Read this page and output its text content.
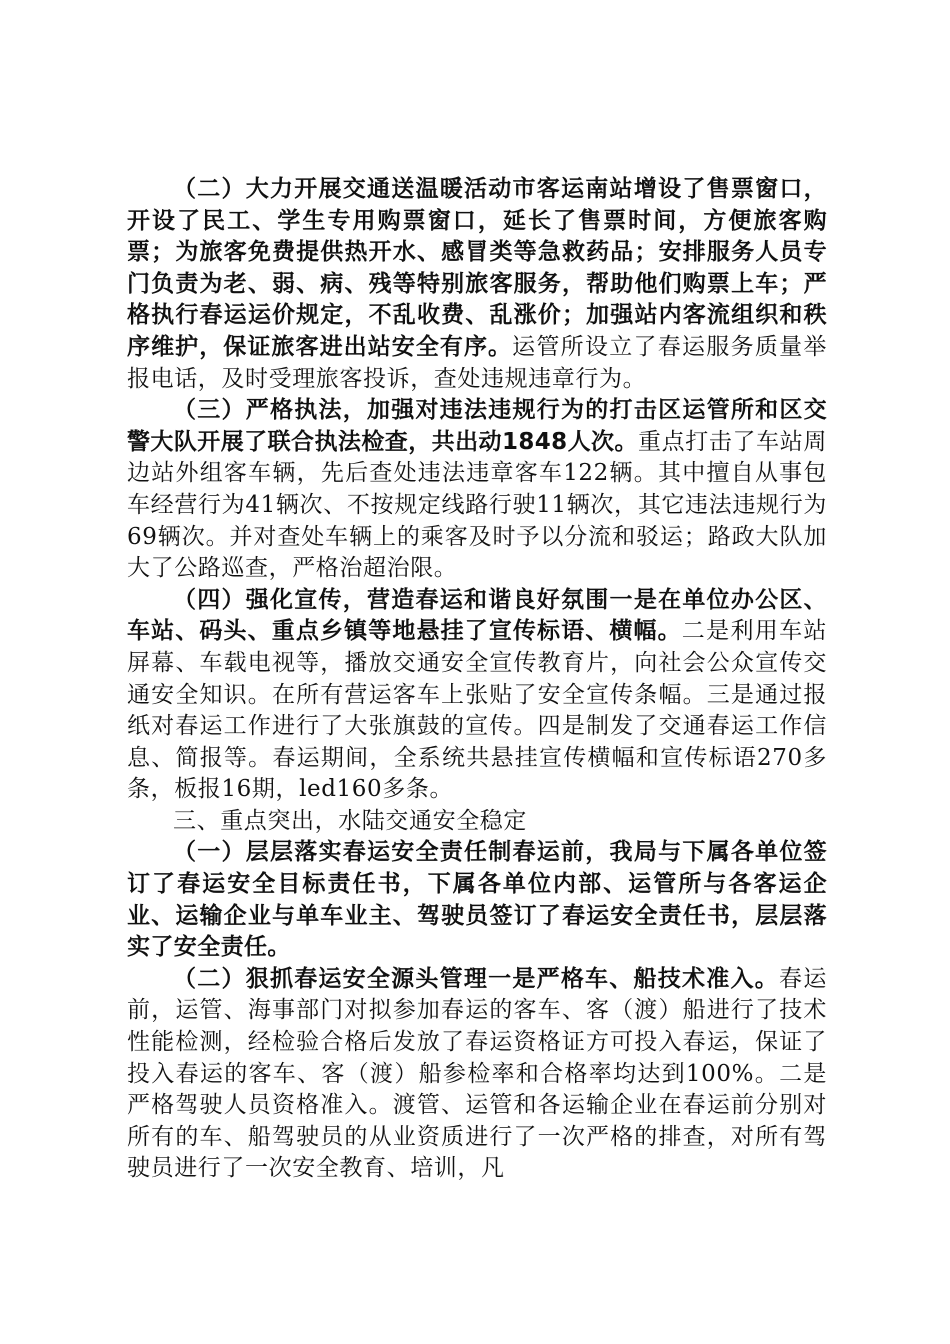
（二）大力开展交通送温暖活动市客运南站增设了售票窗口，开设了民工、学生专用购票窗口，延长了售票时间，方便旅客购票；为旅客免费提供热开水、感冒类等急救药品；安排服务人员专门负责为老、弱、病、残等特别旅客服务，帮助他们购票上车；严格执行春运运价规定，不乱收费、乱涨价；加强站内客流组织和秩序维护，保证旅客进出站安全有序。运管所设立了春运服务质量举报电话，及时受理旅客投诉，查处违规违章行为。

（三）严格执法，加强对违法违规行为的打击区运管所和区交警大队开展了联合执法检查，共出动1848人次。重点打击了车站周边站外组客车辆，先后查处违法违章客车122辆。其中擅自从事包车经营行为41辆次、不按规定线路行驶11辆次，其它违法违规行为69辆次。并对查处车辆上的乘客及时予以分流和驳运；路政大队加大了公路巡查，严格治超治限。

（四）强化宣传，营造春运和谐良好氛围一是在单位办公区、车站、码头、重点乡镇等地悬挂了宣传标语、横幅。二是利用车站屏幕、车载电视等，播放交通安全宣传教育片，向社会公众宣传交通安全知识。在所有营运客车上张贴了安全宣传条幅。三是通过报纸对春运工作进行了大张旗鼓的宣传。四是制发了交通春运工作信息、简报等。春运期间，全系统共悬挂宣传横幅和宣传标语270多条，板报16期，led160多条。

三、重点突出，水陆交通安全稳定

（一）层层落实春运安全责任制春运前，我局与下属各单位签订了春运安全目标责任书，下属各单位内部、运管所与各客运企业、运输企业与单车业主、驾驶员签订了春运安全责任书，层层落实了安全责任。

（二）狠抓春运安全源头管理一是严格车、船技术准入。春运前，运管、海事部门对拟参加春运的客车、客（渡）船进行了技术性能检测，经检验合格后发放了春运资格证方可投入春运，保证了投入春运的客车、客（渡）船参检率和合格率均达到100%。二是严格驾驶人员资格准入。渡管、运管和各运输企业在春运前分别对所有的车、船驾驶员的从业资质进行了一次严格的排查，对所有驾驶员进行了一次安全教育、培训，凡
